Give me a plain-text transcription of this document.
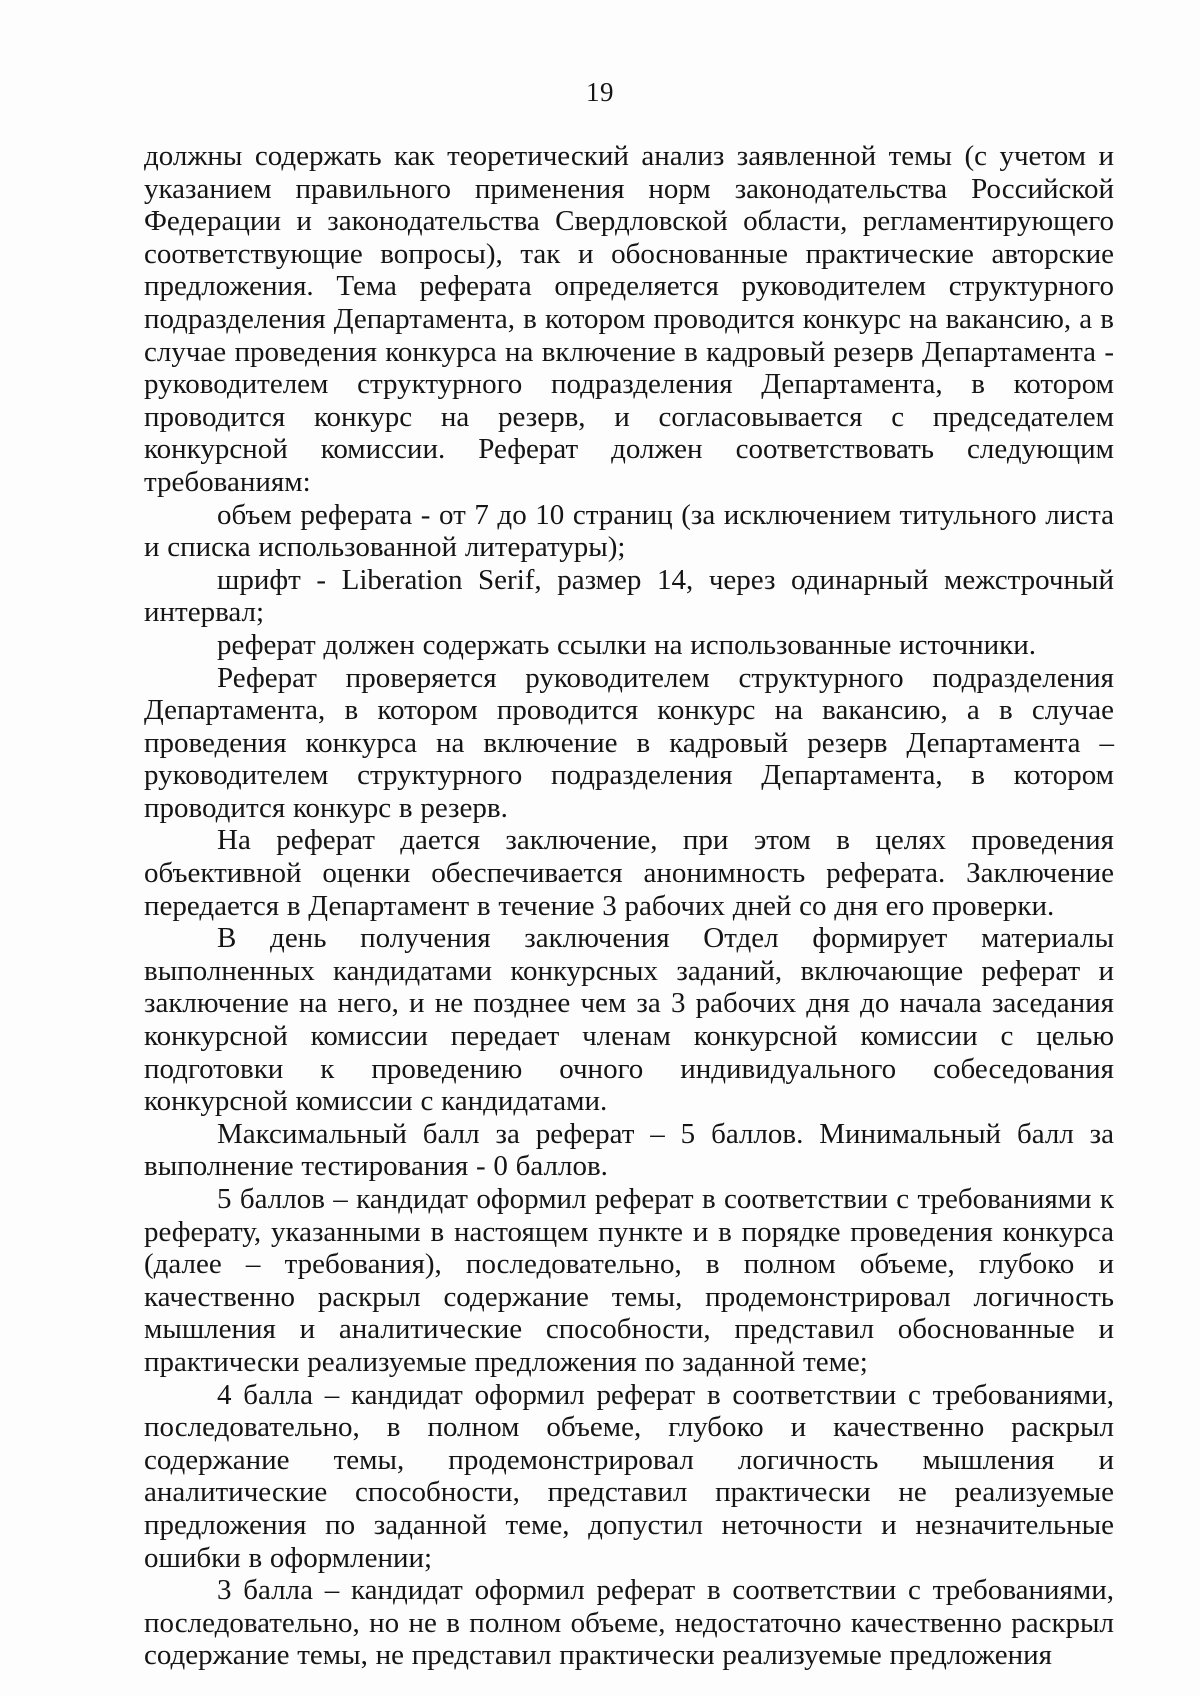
19

должны содержать как теоретический анализ заявленной темы (с учетом и указанием правильного применения норм законодательства Российской Федерации и законодательства Свердловской области, регламентирующего соответствующие вопросы), так и обоснованные практические авторские предложения. Тема реферата определяется руководителем структурного подразделения Департамента, в котором проводится конкурс на вакансию, а в случае проведения конкурса на включение в кадровый резерв Департамента - руководителем структурного подразделения Департамента, в котором проводится конкурс на резерв, и согласовывается с председателем конкурсной комиссии. Реферат должен соответствовать следующим требованиям:

объем реферата - от 7 до 10 страниц (за исключением титульного листа и списка использованной литературы);

шрифт - Liberation Serif, размер 14, через одинарный межстрочный интервал;

реферат должен содержать ссылки на использованные источники.

Реферат проверяется руководителем структурного подразделения Департамента, в котором проводится конкурс на вакансию, а в случае проведения конкурса на включение в кадровый резерв Департамента – руководителем структурного подразделения Департамента, в котором проводится конкурс в резерв.

На реферат дается заключение, при этом в целях проведения объективной оценки обеспечивается анонимность реферата. Заключение передается в Департамент в течение 3 рабочих дней со дня его проверки.

В день получения заключения Отдел формирует материалы выполненных кандидатами конкурсных заданий, включающие реферат и заключение на него, и не позднее чем за 3 рабочих дня до начала заседания конкурсной комиссии передает членам конкурсной комиссии с целью подготовки к проведению очного индивидуального собеседования конкурсной комиссии с кандидатами.

Максимальный балл за реферат – 5 баллов. Минимальный балл за выполнение тестирования - 0 баллов.

5 баллов – кандидат оформил реферат в соответствии с требованиями к реферату, указанными в настоящем пункте и в порядке проведения конкурса (далее – требования), последовательно, в полном объеме, глубоко и качественно раскрыл содержание темы, продемонстрировал логичность мышления и аналитические способности, представил обоснованные и практически реализуемые предложения по заданной теме;

4 балла – кандидат оформил реферат в соответствии с требованиями, последовательно, в полном объеме, глубоко и качественно раскрыл содержание темы, продемонстрировал логичность мышления и аналитические способности, представил практически не реализуемые предложения по заданной теме, допустил неточности и незначительные ошибки в оформлении;

3 балла – кандидат оформил реферат в соответствии с требованиями, последовательно, но не в полном объеме, недостаточно качественно раскрыл содержание темы, не представил практически реализуемые предложения
